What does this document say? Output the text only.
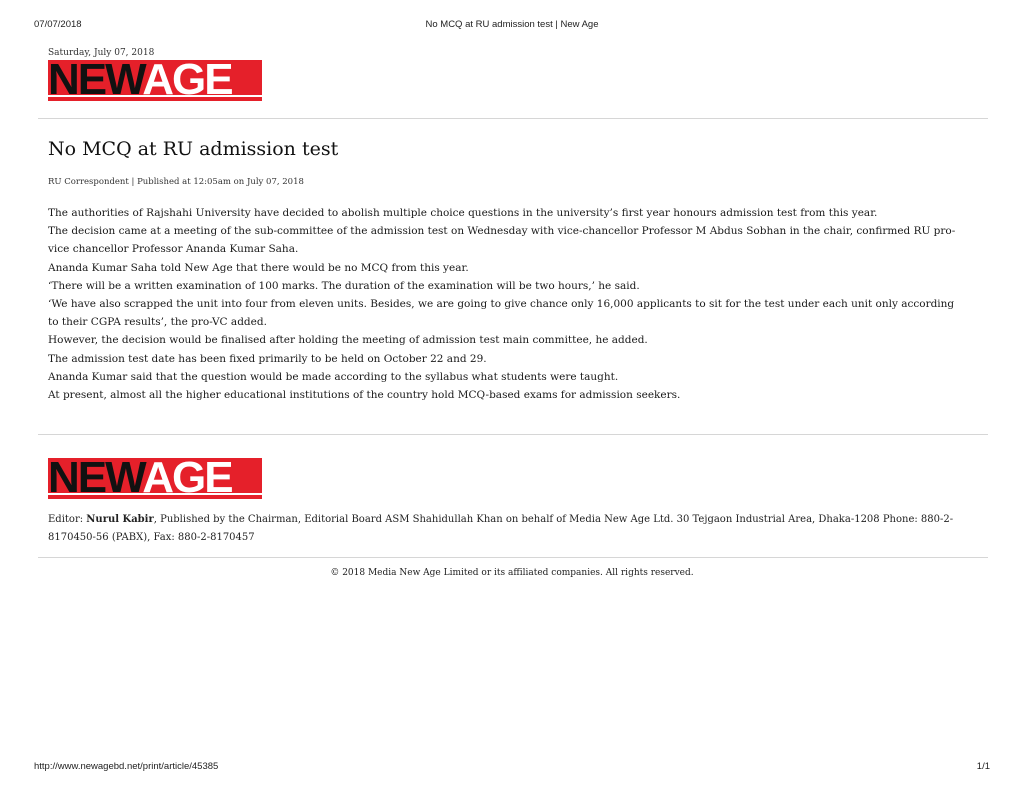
07/07/2018	No MCQ at RU admission test | New Age
Saturday, July 07, 2018
NEWAGE
No MCQ at RU admission test
RU Correspondent | Published at 12:05am on July 07, 2018

The authorities of Rajshahi University have decided to abolish multiple choice questions in the university’s first year honours admission test from this year.

The decision came at a meeting of the sub-committee of the admission test on Wednesday with vice-chancellor Professor M Abdus Sobhan in the chair, confirmed RU pro-vice chancellor Professor Ananda Kumar Saha.

Ananda Kumar Saha told New Age that there would be no MCQ from this year.

‘There will be a written examination of 100 marks. The duration of the examination will be two hours,’ he said.

‘We have also scrapped the unit into four from eleven units. Besides, we are going to give chance only 16,000 applicants to sit for the test under each unit only according to their CGPA results’, the pro-VC added.

However, the decision would be finalised after holding the meeting of admission test main committee, he added.

The admission test date has been fixed primarily to be held on October 22 and 29.

Ananda Kumar said that the question would be made according to the syllabus what students were taught.

At present, almost all the higher educational institutions of the country hold MCQ-based exams for admission seekers.

NEWAGE
Editor: Nurul Kabir, Published by the Chairman, Editorial Board ASM Shahidullah Khan on behalf of Media New Age Ltd. 30 Tejgaon Industrial Area, Dhaka-1208 Phone: 880-2-8170450-56 (PABX), Fax: 880-2-8170457
© 2018 Media New Age Limited or its affiliated companies. All rights reserved.
http://www.newagebd.net/print/article/45385	1/1
